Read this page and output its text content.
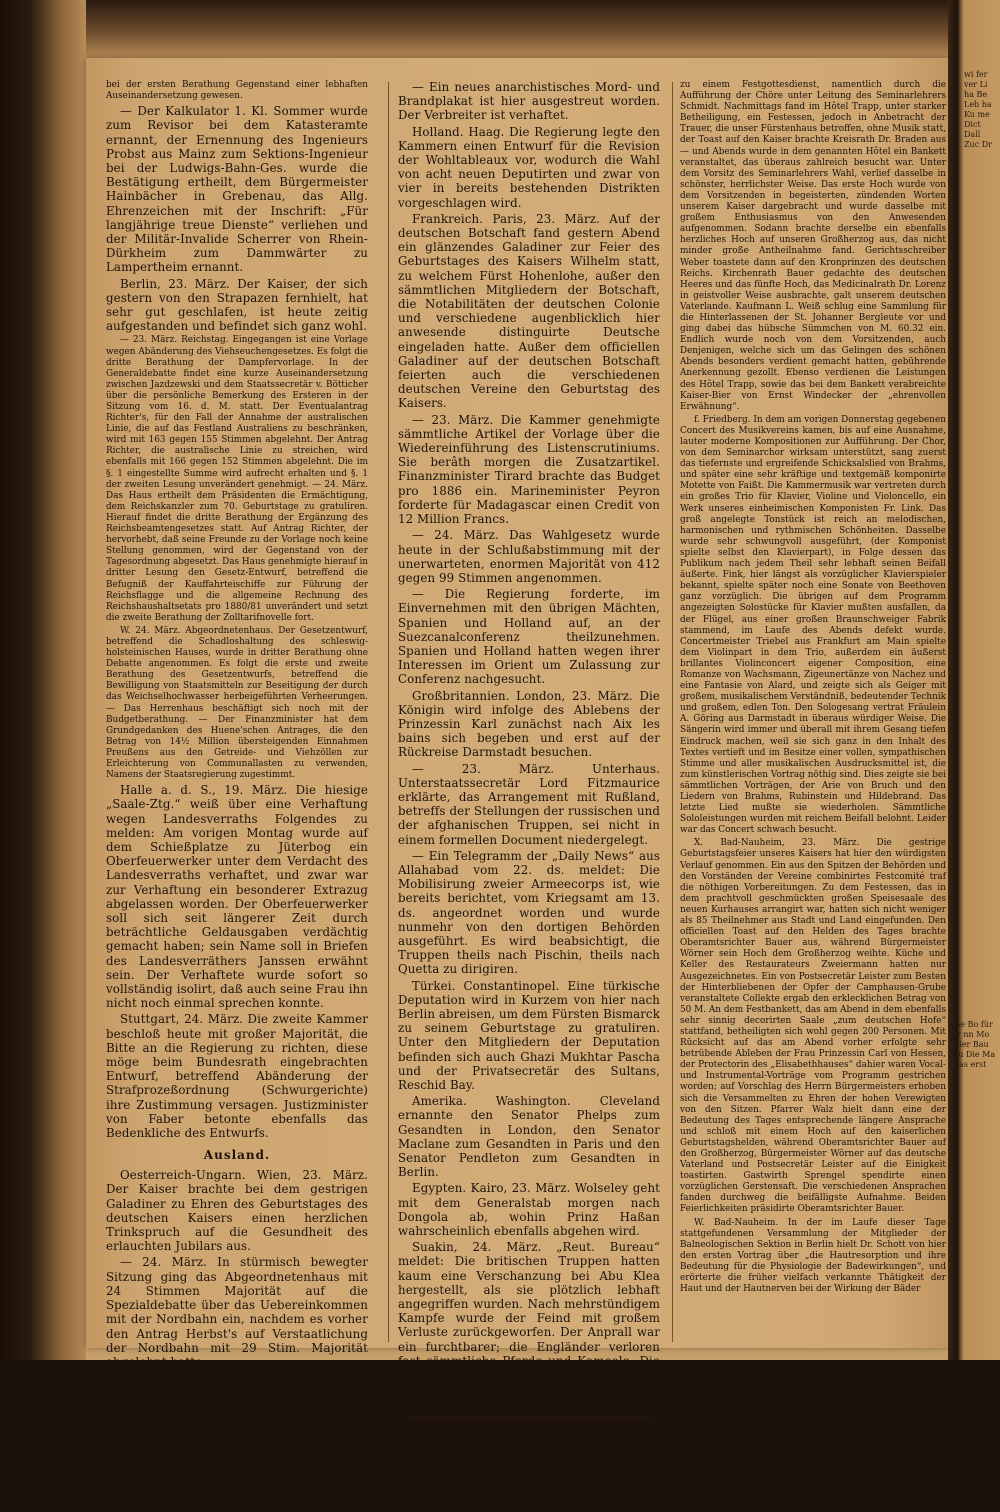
bei der ersten Berathung Gegenstand einer lebhaften Auseinandersetzung gewesen.

— Der Kalkulator 1. Kl. Sommer wurde zum Revisor bei dem Katasteramte ernannt, der Ernennung des Ingenieurs Probst aus Mainz zum Sektions-Ingenieur bei der Ludwigs-Bahn-Ges. wurde die Bestätigung ertheilt, dem Bürgermeister Hainbächer in Grebenau, das Allg. Ehrenzeichen mit der Inschrift: „Für langjährige treue Dienste“ verliehen und der Militär-Invalide Scherrer von Rhein-Dürkheim zum Dammwärter zu Lampertheim ernannt.

Berlin, 23. März. Der Kaiser, der sich gestern von den Strapazen fernhielt, hat sehr gut geschlafen, ist heute zeitig aufgestanden und befindet sich ganz wohl.

— 23. März. Reichstag. Eingegangen ist eine Vorlage wegen Abänderung des Viehseuchengesetzes. Es folgt die dritte Berathung der Dampfervorlage. In der Generaldebatte findet eine kurze Auseinandersetzung zwischen Jazdzewski und dem Staatssecretär v. Bötticher über die persönliche Bemerkung des Ersteren in der Sitzung vom 16. d. M. statt. Der Eventualantrag Richter's, für den Fall der Annahme der australischen Linie, die auf das Festland Australiens zu beschränken, wird mit 163 gegen 155 Stimmen abgelehnt. Der Antrag Richter, die australische Linie zu streichen, wird ebenfalls mit 166 gegen 152 Stimmen abgelehnt. Die im §. 1 eingestellte Summe wird aufrecht erhalten und §. 1 der zweiten Lesung unverändert genehmigt. — 24. März. Das Haus ertheilt dem Präsidenten die Ermächtigung, dem Reichskanzler zum 70. Geburtstage zu gratuliren. Hierauf findet die dritte Berathung der Ergänzung des Reichsbeamtengesetzes statt. Auf Antrag Richter, der hervorhebt, daß seine Freunde zu der Vorlage noch keine Stellung genommen, wird der Gegenstand von der Tagesordnung abgesetzt. Das Haus genehmigte hierauf in dritter Lesung den Gesetz-Entwurf, betreffend die Befugniß der Kauffahrteischiffe zur Führung der Reichsflagge und die allgemeine Rechnung des Reichshaushaltsetats pro 1880/81 unverändert und setzt die zweite Berathung der Zolltarifnovelle fort.

W. 24. März. Abgeordnetenhaus. Der Gesetzentwurf, betreffend die Schadloshaltung des schleswig-holsteinischen Hauses, wurde in dritter Berathung ohne Debatte angenommen. Es folgt die erste und zweite Berathung des Gesetzentwurfs, betreffend die Bewilligung von Staatsmitteln zur Beseitigung der durch das Weichselhochwasser herbeigeführten Verheerungen. — Das Herrenhaus beschäftigt sich noch mit der Budgetberathung. — Der Finanzminister hat dem Grundgedanken des Huene'schen Antrages, die den Betrag von 14½ Million übersteigenden Einnahmen Preußens aus den Getreide- und Viehzöllen zur Erleichterung von Communallasten zu verwenden, Namens der Staatsregierung zugestimmt.

Halle a. d. S., 19. März. Die hiesige „Saale-Ztg.“ weiß über eine Verhaftung wegen Landesverraths Folgendes zu melden: Am vorigen Montag wurde auf dem Schießplatze zu Jüterbog ein Oberfeuerwerker unter dem Verdacht des Landesverraths verhaftet, und zwar war zur Verhaftung ein besonderer Extrazug abgelassen worden. Der Oberfeuerwerker soll sich seit längerer Zeit durch beträchtliche Geldausgaben verdächtig gemacht haben; sein Name soll in Briefen des Landesverräthers Janssen erwähnt sein. Der Verhaftete wurde sofort so vollständig isolirt, daß auch seine Frau ihn nicht noch einmal sprechen konnte.

Stuttgart, 24. März. Die zweite Kammer beschloß heute mit großer Majorität, die Bitte an die Regierung zu richten, diese möge beim Bundesrath eingebrachten Entwurf, betreffend Abänderung der Strafprozeßordnung (Schwurgerichte) ihre Zustimmung versagen. Justizminister von Faber betonte ebenfalls das Bedenkliche des Entwurfs.

Ausland.

Oesterreich-Ungarn. Wien, 23. März. Der Kaiser brachte bei dem gestrigen Galadiner zu Ehren des Geburtstages des deutschen Kaisers einen herzlichen Trinkspruch auf die Gesundheit des erlauchten Jubilars aus.

— 24. März. In stürmisch bewegter Sitzung ging das Abgeordnetenhaus mit 24 Stimmen Majorität auf die Spezialdebatte über das Uebereinkommen mit der Nordbahn ein, nachdem es vorher den Antrag Herbst's auf Verstaatlichung der Nordbahn mit 29 Stim. Majorität abgelehnt hatte.

Schweiz. Bern, 23. März. Der Bundesrath lehnte die Anregung der Regierung von Argau ab, eine internationale Vereinbarung über die Maßnahmen gegen die Verbreitung von Thierseuchen anzubahnen.

— Ein neues anarchistisches Mord- und Brandplakat ist hier ausgestreut worden. Der Verbreiter ist verhaftet.

Holland. Haag. Die Regierung legte den Kammern einen Entwurf für die Revision der Wohltableaux vor, wodurch die Wahl von acht neuen Deputirten und zwar von vier in bereits bestehenden Distrikten vorgeschlagen wird.

Frankreich. Paris, 23. März. Auf der deutschen Botschaft fand gestern Abend ein glänzendes Galadiner zur Feier des Geburtstages des Kaisers Wilhelm statt, zu welchem Fürst Hohenlohe, außer den sämmtlichen Mitgliedern der Botschaft, die Notabilitäten der deutschen Colonie und verschiedene augenblicklich hier anwesende distinguirte Deutsche eingeladen hatte. Außer dem officiellen Galadiner auf der deutschen Botschaft feierten auch die verschiedenen deutschen Vereine den Geburtstag des Kaisers.

— 23. März. Die Kammer genehmigte sämmtliche Artikel der Vorlage über die Wiedereinführung des Listenscrutiniums. Sie berâth morgen die Zusatzartikel. Finanzminister Tirard brachte das Budget pro 1886 ein. Marineminister Peyron forderte für Madagascar einen Credit von 12 Million Francs.

— 24. März. Das Wahlgesetz wurde heute in der Schlußabstimmung mit der unerwarteten, enormen Majorität von 412 gegen 99 Stimmen angenommen.

— Die Regierung forderte, im Einvernehmen mit den übrigen Mächten, Spanien und Holland auf, an der Suezcanalconferenz theilzunehmen. Spanien und Holland hatten wegen ihrer Interessen im Orient um Zulassung zur Conferenz nachgesucht.

Großbritannien. London, 23. März. Die Königin wird infolge des Ablebens der Prinzessin Karl zunächst nach Aix les bains sich begeben und erst auf der Rückreise Darmstadt besuchen.

— 23. März. Unterhaus. Unterstaatssecretär Lord Fitzmaurice erklärte, das Arrangement mit Rußland, betreffs der Stellungen der russischen und der afghanischen Truppen, sei nicht in einem formellen Document niedergelegt.

— Ein Telegramm der „Daily News“ aus Allahabad vom 22. ds. meldet: Die Mobilisirung zweier Armeecorps ist, wie bereits berichtet, vom Kriegsamt am 13. ds. angeordnet worden und wurde nunmehr von den dortigen Behörden ausgeführt. Es wird beabsichtigt, die Truppen theils nach Pischin, theils nach Quetta zu dirigiren.

Türkei. Constantinopel. Eine türkische Deputation wird in Kurzem von hier nach Berlin abreisen, um dem Fürsten Bismarck zu seinem Geburtstage zu gratuliren. Unter den Mitgliedern der Deputation befinden sich auch Ghazi Mukhtar Pascha und der Privatsecretär des Sultans, Reschid Bay.

Amerika. Washington. Cleveland ernannte den Senator Phelps zum Gesandten in London, den Senator Maclane zum Gesandten in Paris und den Senator Pendleton zum Gesandten in Berlin.

Egypten. Kairo, 23. März. Wolseley geht mit dem Generalstab morgen nach Dongola ab, wohin Prinz Haßan wahrscheinlich ebenfalls abgehen wird.

Suakin, 24. März. „Reut. Bureau“ meldet: Die britischen Truppen hatten kaum eine Verschanzung bei Abu Klea hergestellt, als sie plötzlich lebhaft angegriffen wurden. Nach mehrstündigem Kampfe wurde der Feind mit großem Verluste zurückgeworfen. Der Anprall war ein furchtbarer; die Engländer verloren fast sämmtliche Pferde und Kameele. Die Verluste der Engländer an Truppen sind 6 Offiziere und 66 Mann todt, 6 Offiziere und 115 Mann verwundet, einige vermißt.

Aus Stadt und Land.

d. Friedberg, 23. März. Die gestrige Kaiserfeier, der 88. Geburtstag des Kaisers, wurde, wie immer in unserer Stadt in einer festlichen, würdigen Weise begangen. Am Vormittag wurde in beiden Gottesdiensten in der Predigt auf den Geburtstag Bezug genommen und der Gottesdienst in der Stadtkirche gestaltete sich

zu einem Festgottesdienst, namentlich durch die Aufführung der Chöre unter Leitung des Seminarlehrers Schmidt. Nachmittags fand im Hôtel Trapp, unter starker Betheiligung, ein Festessen, jedoch in Anbetracht der Trauer, die unser Fürstenhaus betroffen, ohne Musik statt, der Toast auf den Kaiser brachte Kreisrath Dr. Braden aus — und Abends wurde in dem genannten Hôtel ein Bankett veranstaltet, das überaus zahlreich besucht war. Unter dem Vorsitz des Seminarlehrers Wahl, verlief dasselbe in schönster, herrlichster Weise. Das erste Hoch wurde von dem Vorsitzenden in begeisterten, zündenden Worten unserem Kaiser dargebracht und wurde dasselbe mit großem Enthusiasmus von den Anwesenden aufgenommen. Sodann brachte derselbe ein ebenfalls herzliches Hoch auf unseren Großherzog aus, das nicht minder große Antheilnahme fand. Gerichtsschreiber Weber toastete dann auf den Kronprinzen des deutschen Reichs. Kirchenrath Bauer gedachte des deutschen Heeres und das fünfte Hoch, das Medicinalrath Dr. Lorenz in geistvoller Weise ausbrachte, galt unserem deutschen Vaterlande. Kaufmann L. Weiß schlug eine Sammlung für die Hinterlassenen der St. Johanner Bergleute vor und ging dabei das hübsche Sümmchen von M. 60.32 ein. Endlich wurde noch von dem Vorsitzenden, auch Denjenigen, welche sich um das Gelingen des schönen Abends besonders verdient gemacht hatten, gebührende Anerkennung gezollt. Ebenso verdienen die Leistungen des Hôtel Trapp, sowie das bei dem Bankett verabreichte Kaiser-Bier von Ernst Windecker der „ehrenvollen Erwähnung“.

f. Friedberg. In dem am vorigen Donnerstag gegebenen Concert des Musikvereins kamen, bis auf eine Ausnahme, lauter moderne Kompositionen zur Aufführung. Der Chor, von dem Seminarchor wirksam unterstützt, sang zuerst das tiefernste und ergreifende Schicksalslied von Brahms, und später eine sehr kräftige und textgemäß komponirte Motette von Faißt. Die Kammermusik war vertreten durch ein großes Trio für Klavier, Violine und Violoncello, ein Werk unseres einheimischen Komponisten Fr. Link. Das groß angelegte Tonstück ist reich an melodischen, harmonischen und rythmischen Schönheiten. Dasselbe wurde sehr schwungvoll ausgeführt, (der Komponist spielte selbst den Klavierpart), in Folge dessen das Publikum nach jedem Theil sehr lebhaft seinen Beifall äußerte. Fink, hier längst als vorzüglicher Klavierspieler bekannt, spielte später noch eine Sonate von Beethoven ganz vorzüglich. Die übrigen auf dem Programm angezeigten Solostücke für Klavier mußten ausfallen, da der Flügel, aus einer großen Braunschweiger Fabrik stammend, im Laufe des Abends defekt wurde. Concertmeister Triebel aus Frankfurt am Main spielte dem Violinpart in dem Trio, außerdem ein äußerst brillantes Violinconcert eigener Composition, eine Romanze von Wachsmann, Zigeunertänze von Nachez und eine Fantasie von Alard, und zeigte sich als Geiger mit großem, musikalischem Verständniß, bedeutender Technik und großem, edlen Ton. Den Sologesang vertrat Fräulein A. Göring aus Darmstadt in überaus würdiger Weise. Die Sängerin wird immer und überall mit ihrem Gesang tiefen Eindruck machen, weil sie sich ganz in den Inhalt des Textes vertieft und im Besitze einer vollen, sympathischen Stimme und aller musikalischen Ausdrucksmittel ist, die zum künstlerischen Vortrag nöthig sind. Dies zeigte sie bei sämmtlichen Vorträgen, der Arie von Bruch und den Liedern von Brahms, Rubinstein und Hildebrand. Das letzte Lied mußte sie wiederholen. Sämmtliche Sololeistungen wurden mit reichem Beifall belohnt. Leider war das Concert schwach besucht.

X. Bad-Nauheim, 23. März. Die gestrige Geburtstagsfeier unseres Kaisers hat hier den würdigsten Verlauf genommen. Ein aus den Spitzen der Behörden und den Vorständen der Vereine combinirtes Festcomité traf die nöthigen Vorbereitungen. Zu dem Festessen, das in dem prachtvoll geschmückten großen Speisesaale des neuen Kurhauses arrangirt war, hatten sich nicht weniger als 85 Theilnehmer aus Stadt und Land eingefunden. Den officiellen Toast auf den Helden des Tages brachte Oberamtsrichter Bauer aus, während Bürgermeister Wörner sein Hoch dem Großherzog weihte. Küche und Keller des Restaurateurs Zweiermann hatten nur Ausgezeichnetes. Ein von Postsecretär Leister zum Besten der Hinterbliebenen der Opfer der Camphausen-Grube veranstaltete Collekte ergab den erklecklichen Betrag von 50 M. An dem Festbankett, das am Abend in dem ebenfalls sehr sinnig decorirten Saale „zum deutschen Hofe“ stattfand, betheiligten sich wohl gegen 200 Personen. Mit Rücksicht auf das am Abend vorher erfolgte sehr betrübende Ableben der Frau Prinzessin Carl von Hessen, der Protectorin des „Elisabethhauses“ dahier waren Vocal- und Instrumental-Vorträge vom Programm gestrichen worden; auf Vorschlag des Herrn Bürgermeisters erhoben sich die Versammelten zu Ehren der hohen Verewigten von den Sitzen. Pfarrer Walz hielt dann eine der Bedeutung des Tages entsprechende längere Ansprache und schloß mit einem Hoch auf den kaiserlichen Geburtstagshelden, während Oberamtsrichter Bauer auf den Großherzog, Bürgermeister Wörner auf das deutsche Vaterland und Postsecretär Leister auf die Einigkeit toastirten. Gastwirth Sprengel spendirte einen vorzüglichen Gerstensaft. Die verschiedenen Ansprachen fanden durchweg die beifälligste Aufnahme. Beiden Feierlichkeiten präsidirte Oberamtsrichter Bauer.

W. Bad-Nauheim. In der im Laufe dieser Tage stattgefundenen Versammlung der Mitglieder der Balneologischen Sektion in Berlin hielt Dr. Schott von hier den ersten Vortrag über „die Hautresorption und ihre Bedeutung für die Physiologie der Badewirkungen“, und erörterte die früher vielfach verkannte Thätigkeit der Haut und der Hautnerven bei der Wirkung der Bäder

wi fer ver Li ha Be Leb ha Ku me Dict Dall Zuc Dr
Ge Bo für w nn Mo hier Bau zu Die Ma das erst
